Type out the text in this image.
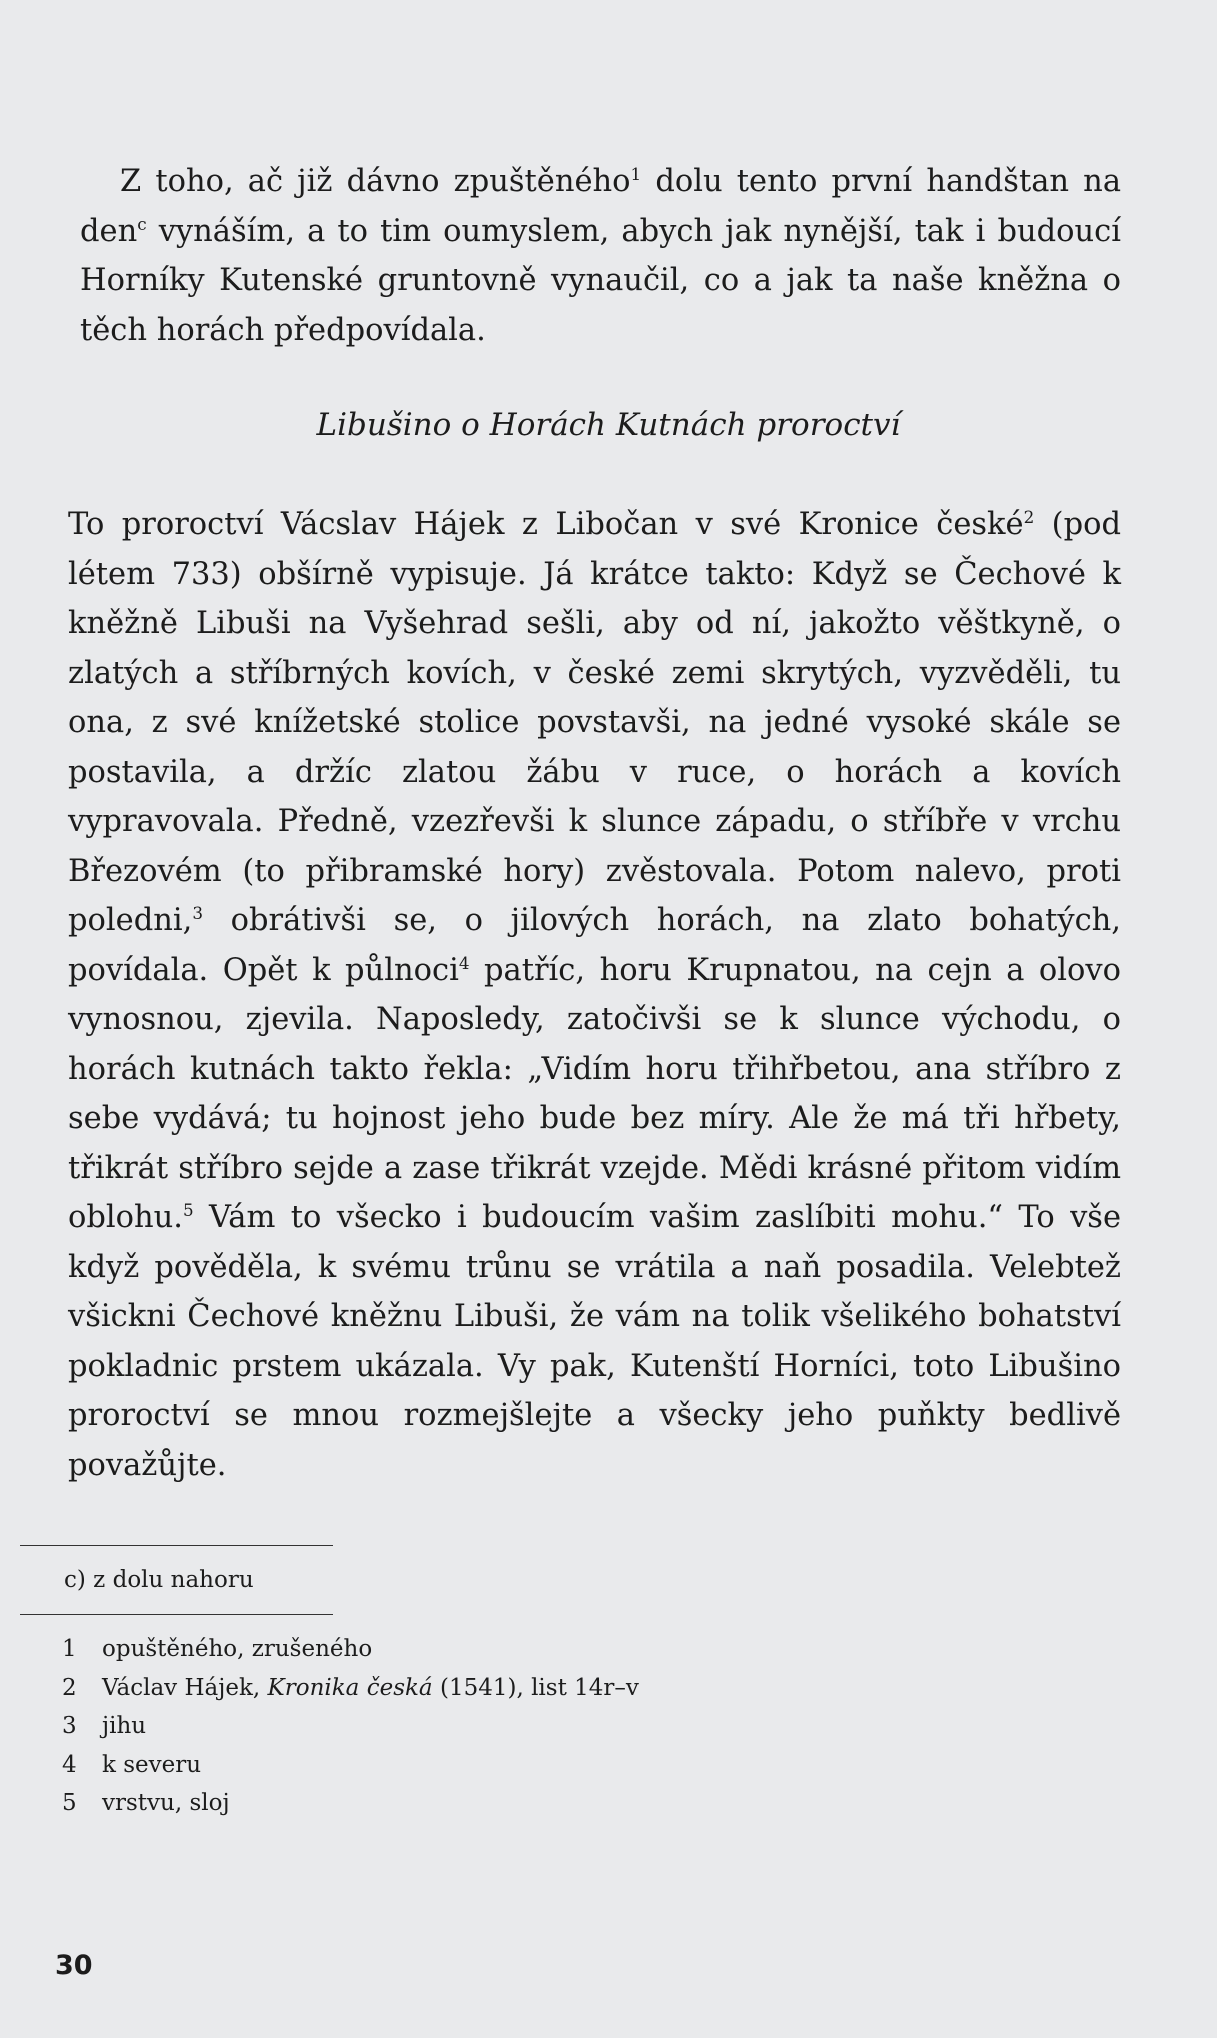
Z toho, ač již dávno zpuštěného$^1$ dolu tento první handštan na den$^c$ vynáším, a to tim oumyslem, abych jak nynější, tak i budoucí Horníky Kutenské gruntovně vynaučil, co a jak ta naše kněžna o těch horách předpovídala.

Libušino o Horách Kutnách proroctví

To proroctví Vácslav Hájek z Libočan v své Kronice české$^2$ (pod létem 733) obšírně vypisuje. Já krátce takto: Když se Čechové k kněžně Libuši na Vyšehrad sešli, aby od ní, jakožto věštkyně, o zlatých a stříbrných kovích, v české zemi skrytých, vyzvěděli, tu ona, z své knížetské stolice povstavši, na jedné vysoké skále se postavila, a držíc zlatou žábu v ruce, o horách a kovích vypravovala. Předně, vzezřevši k slunce západu, o stříbře v vrchu Březovém (to přibramské hory) zvěstovala. Potom nalevo, proti poledni,$^3$ obrátivši se, o jilových horách, na zlato bohatých, povídala. Opět k půlnoci$^4$ patříc, horu Krupnatou, na cejn a olovo vynosnou, zjevila. Naposledy, zatočivši se k slunce východu, o horách kutnách takto řekla: „Vidím horu třihřbetou, ana stříbro z sebe vydává; tu hojnost jeho bude bez míry. Ale že má tři hřbety, třikrát stříbro sejde a zase třikrát vzejde. Mědi krásné přitom vidím oblohu.$^5$ Vám to všecko i budoucím vašim zaslíbiti mohu.“ To vše když pověděla, k svému trůnu se vrátila a naň posadila. Velebtež všickni Čechové kněžnu Libuši, že vám na tolik všelikého bohatství pokladnic prstem ukázala. Vy pak, Kutenští Horníci, toto Libušino proroctví se mnou rozmejšlejte a všecky jeho puňkty bedlivě považůjte.

c) z dolu nahoru
1	opuštěného, zrušeného
2	Václav Hájek, Kronika česká (1541), list 14r–v
3	jihu
4	k severu
5	vrstvu, sloj
30
